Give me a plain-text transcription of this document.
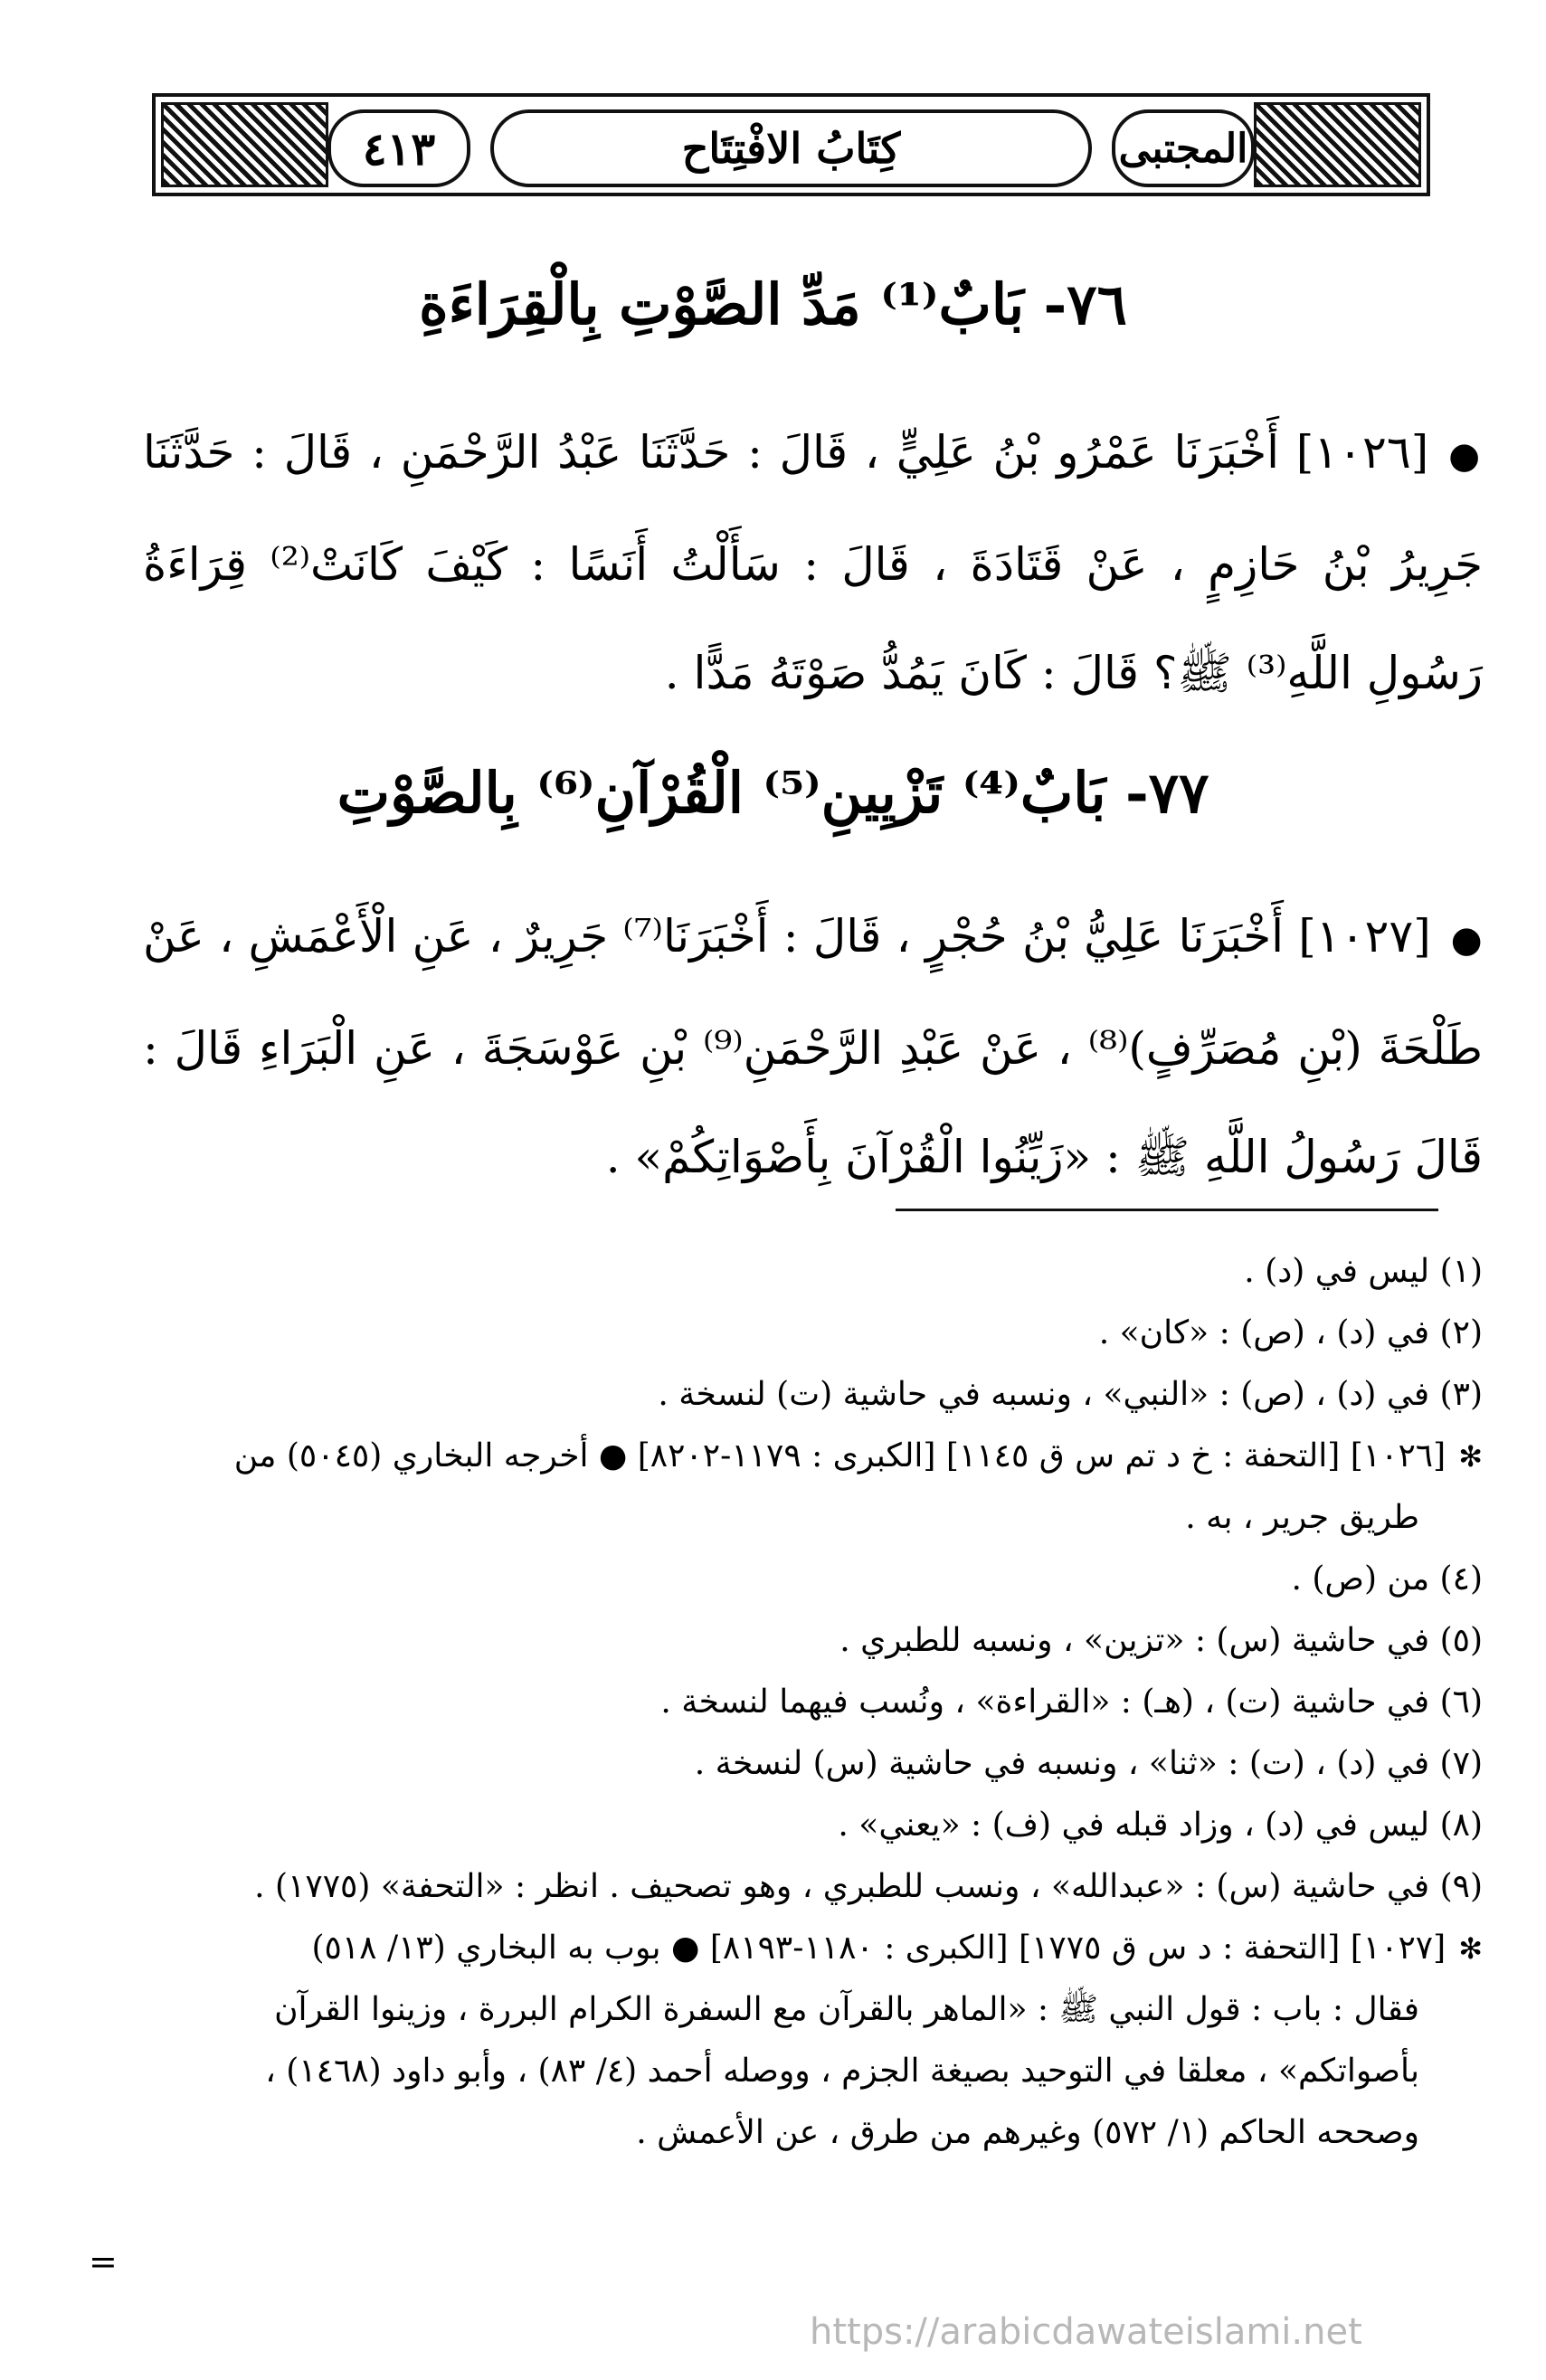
٤١٣	كِتَابُ الافْتِتَاح	المجتبى
٧٦- بَابٌ⁽¹⁾ مَدِّ الصَّوْتِ بِالْقِرَاءَةِ
●[١٠٢٦] أَخْبَرَنَا عَمْرُو بْنُ عَلِيٍّ ، قَالَ : حَدَّثَنَا عَبْدُ الرَّحْمَنِ ، قَالَ : حَدَّثَنَا جَرِيرُ بْنُ حَازِمٍ ، عَنْ قَتَادَةَ ، قَالَ : سَأَلْتُ أَنَسًا : كَيْفَ كَانَتْ⁽²⁾ قِرَاءَةُ رَسُولِ اللَّهِ⁽³⁾ ﷺ؟ قَالَ : كَانَ يَمُدُّ صَوْتَهُ مَدًّا .
٧٧- بَابٌ⁽⁴⁾ تَزْيِينِ⁽⁵⁾ الْقُرْآنِ⁽⁶⁾ بِالصَّوْتِ
●[١٠٢٧] أَخْبَرَنَا عَلِيُّ بْنُ حُجْرٍ ، قَالَ : أَخْبَرَنَا⁽⁷⁾ جَرِيرٌ ، عَنِ الْأَعْمَشِ ، عَنْ طَلْحَةَ (بْنِ مُصَرِّفٍ)⁽⁸⁾ ، عَنْ عَبْدِ الرَّحْمَنِ⁽⁹⁾ بْنِ عَوْسَجَةَ ، عَنِ الْبَرَاءِ قَالَ : قَالَ رَسُولُ اللَّهِ ﷺ : «زَيِّنُوا الْقُرْآنَ بِأَصْوَاتِكُمْ» .
(١) ليس في (د) .
(٢) في (د) ، (ص) : «كان» .
(٣) في (د) ، (ص) : «النبي» ، ونسبه في حاشية (ت) لنسخة .
✻[١٠٢٦] [التحفة : خ د تم س ق ١١٤٥] [الكبرى : ١١٧٩-٨٢٠٢] ● أخرجه البخاري (٥٠٤٥) من
طريق جرير ، به .
(٤) من (ص) .
(٥) في حاشية (س) : «تزين» ، ونسبه للطبري .
(٦) في حاشية (ت) ، (هـ) : «القراءة» ، ونُسب فيهما لنسخة .
(٧) في (د) ، (ت) : «ثنا» ، ونسبه في حاشية (س) لنسخة .
(٨) ليس في (د) ، وزاد قبله في (ف) : «يعني» .
(٩) في حاشية (س) : «عبدالله» ، ونسب للطبري ، وهو تصحيف . انظر : «التحفة» (١٧٧٥) .
✻[١٠٢٧] [التحفة : د س ق ١٧٧٥] [الكبرى : ١١٨٠-٨١٩٣] ● بوب به البخاري (١٣/ ٥١٨)
فقال : باب : قول النبي ﷺ : «الماهر بالقرآن مع السفرة الكرام البررة ، وزينوا القرآن
بأصواتكم» ، معلقا في التوحيد بصيغة الجزم ، ووصله أحمد (٤/ ٨٣) ، وأبو داود (١٤٦٨) ،
وصححه الحاكم (١/ ٥٧٢) وغيرهم من طرق ، عن الأعمش .
=
https://arabicdawateislami.net
